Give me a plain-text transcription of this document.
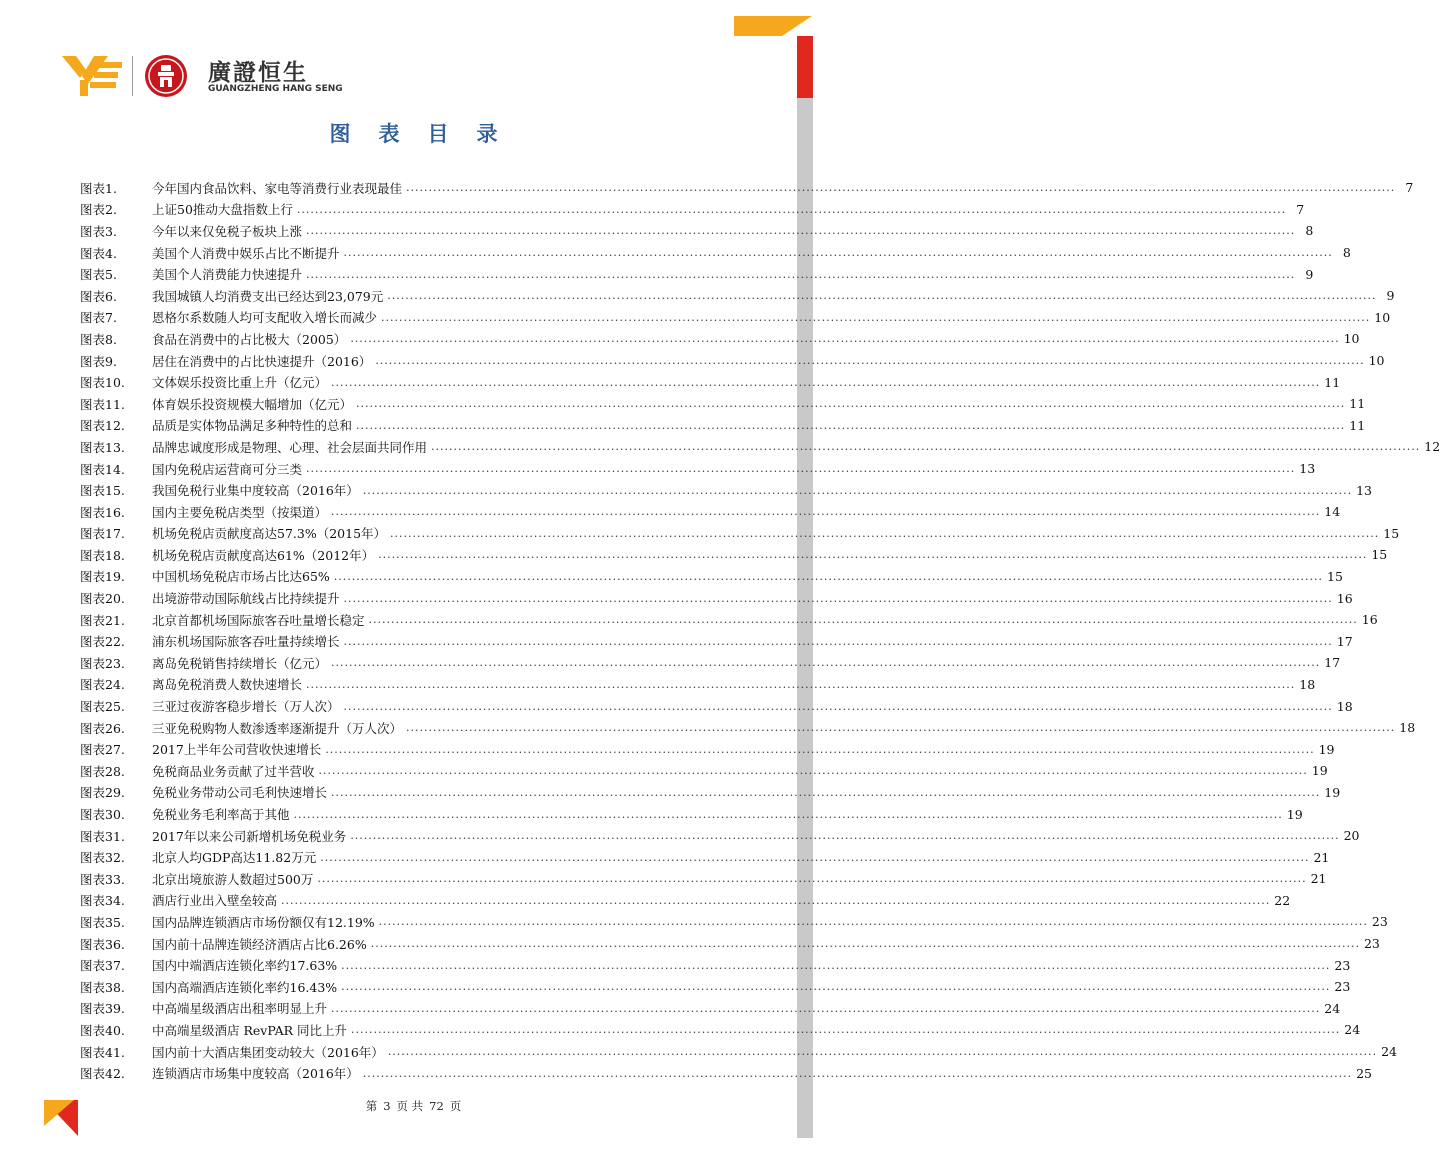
廣證恒生
GUANGZHENG HANG SENG
图表目录
图表1.	今年国内食品饮料、家电等消费行业表现最佳 ............................................................................................................................................................................................................................ 7
图表2.	上证50推动大盘指数上行 ............................................................................................................................................................................................................................ 7
图表3.	今年以来仅免税子板块上涨 ............................................................................................................................................................................................................................ 8
图表4.	美国个人消费中娱乐占比不断提升 ............................................................................................................................................................................................................................ 8
图表5.	美国个人消费能力快速提升 ............................................................................................................................................................................................................................ 9
图表6.	我国城镇人均消费支出已经达到23,079元 ............................................................................................................................................................................................................................ 9
图表7.	恩格尔系数随人均可支配收入增长而减少 ............................................................................................................................................................................................................................ 10
图表8.	食品在消费中的占比极大（2005） ............................................................................................................................................................................................................................ 10
图表9.	居住在消费中的占比快速提升（2016） ............................................................................................................................................................................................................................ 10
图表10.	文体娱乐投资比重上升（亿元） ............................................................................................................................................................................................................................ 11
图表11.	体育娱乐投资规模大幅增加（亿元） ............................................................................................................................................................................................................................ 11
图表12.	品质是实体物品满足多种特性的总和 ............................................................................................................................................................................................................................ 11
图表13.	品牌忠诚度形成是物理、心理、社会层面共同作用 ............................................................................................................................................................................................................................ 12
图表14.	国内免税店运营商可分三类 ............................................................................................................................................................................................................................ 13
图表15.	我国免税行业集中度较高（2016年） ............................................................................................................................................................................................................................ 13
图表16.	国内主要免税店类型（按渠道） ............................................................................................................................................................................................................................ 14
图表17.	机场免税店贡献度高达57.3%（2015年） ............................................................................................................................................................................................................................ 15
图表18.	机场免税店贡献度高达61%（2012年） ............................................................................................................................................................................................................................ 15
图表19.	中国机场免税店市场占比达65% ............................................................................................................................................................................................................................ 15
图表20.	出境游带动国际航线占比持续提升 ............................................................................................................................................................................................................................ 16
图表21.	北京首都机场国际旅客吞吐量增长稳定 ............................................................................................................................................................................................................................ 16
图表22.	浦东机场国际旅客吞吐量持续增长 ............................................................................................................................................................................................................................ 17
图表23.	离岛免税销售持续增长（亿元） ............................................................................................................................................................................................................................ 17
图表24.	离岛免税消费人数快速增长 ............................................................................................................................................................................................................................ 18
图表25.	三亚过夜游客稳步增长（万人次） ............................................................................................................................................................................................................................ 18
图表26.	三亚免税购物人数渗透率逐渐提升（万人次） ............................................................................................................................................................................................................................ 18
图表27.	2017上半年公司营收快速增长 ............................................................................................................................................................................................................................ 19
图表28.	免税商品业务贡献了过半营收 ............................................................................................................................................................................................................................ 19
图表29.	免税业务带动公司毛利快速增长 ............................................................................................................................................................................................................................ 19
图表30.	免税业务毛利率高于其他 ............................................................................................................................................................................................................................ 19
图表31.	2017年以来公司新增机场免税业务 ............................................................................................................................................................................................................................ 20
图表32.	北京人均GDP高达11.82万元 ............................................................................................................................................................................................................................ 21
图表33.	北京出境旅游人数超过500万 ............................................................................................................................................................................................................................ 21
图表34.	酒店行业出入壁垒较高 ............................................................................................................................................................................................................................ 22
图表35.	国内品牌连锁酒店市场份额仅有12.19% ............................................................................................................................................................................................................................ 23
图表36.	国内前十品牌连锁经济酒店占比6.26% ............................................................................................................................................................................................................................ 23
图表37.	国内中端酒店连锁化率约17.63% ............................................................................................................................................................................................................................ 23
图表38.	国内高端酒店连锁化率约16.43% ............................................................................................................................................................................................................................ 23
图表39.	中高端星级酒店出租率明显上升 ............................................................................................................................................................................................................................ 24
图表40.	中高端星级酒店 RevPAR 同比上升 ............................................................................................................................................................................................................................ 24
图表41.	国内前十大酒店集团变动较大（2016年） ............................................................................................................................................................................................................................ 24
图表42.	连锁酒店市场集中度较高（2016年） ............................................................................................................................................................................................................................ 25
第 3 页 共 72 页
